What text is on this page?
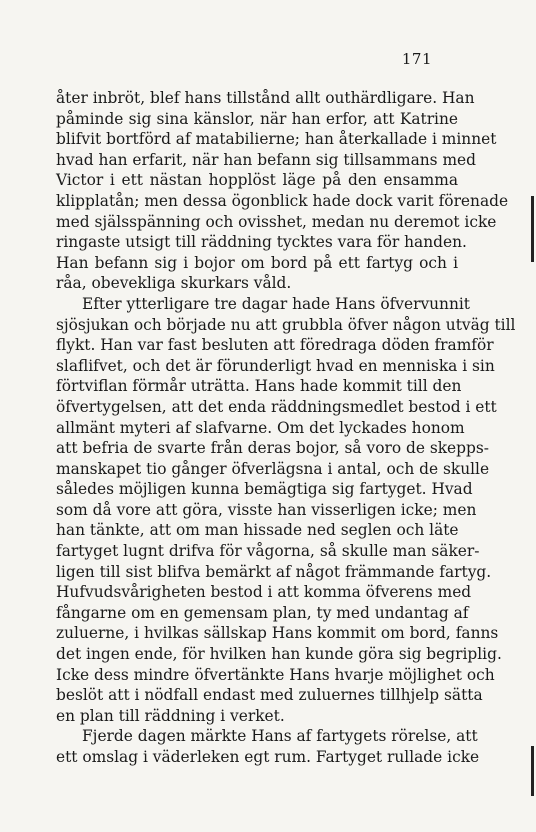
171
åter inbröt, blef hans tillstånd allt outhärdligare. Han
påminde sig sina känslor, när han erfor, att Katrine
blifvit bortförd af matabilierne; han återkallade i minnet
hvad han erfarit, när han befann sig tillsammans med
Victor i ett nästan hopplöst läge på den ensamma
klipplatån; men dessa ögonblick hade dock varit förenade
med själsspänning och ovisshet, medan nu deremot icke
ringaste utsigt till räddning tycktes vara för handen.
Han befann sig i bojor om bord på ett fartyg och i
råa, obevekliga skurkars våld.
Efter ytterligare tre dagar hade Hans öfvervunnit
sjösjukan och började nu att grubbla öfver någon utväg till
flykt. Han var fast besluten att föredraga döden framför
slaflifvet, och det är förunderligt hvad en menniska i sin
förtviflan förmår uträtta. Hans hade kommit till den
öfvertygelsen, att det enda räddningsmedlet bestod i ett
allmänt myteri af slafvarne. Om det lyckades honom
att befria de svarte från deras bojor, så voro de skepps-
manskapet tio gånger öfverlägsna i antal, och de skulle
således möjligen kunna bemägtiga sig fartyget. Hvad
som då vore att göra, visste han visserligen icke; men
han tänkte, att om man hissade ned seglen och läte
fartyget lugnt drifva för vågorna, så skulle man säker-
ligen till sist blifva bemärkt af något främmande fartyg.
Hufvudsvårigheten bestod i att komma öfverens med
fångarne om en gemensam plan, ty med undantag af
zuluerne, i hvilkas sällskap Hans kommit om bord, fanns
det ingen ende, för hvilken han kunde göra sig begriplig.
Icke dess mindre öfvertänkte Hans hvarje möjlighet och
beslöt att i nödfall endast med zuluernes tillhjelp sätta
en plan till räddning i verket.
Fjerde dagen märkte Hans af fartygets rörelse, att
ett omslag i väderleken egt rum. Fartyget rullade icke
